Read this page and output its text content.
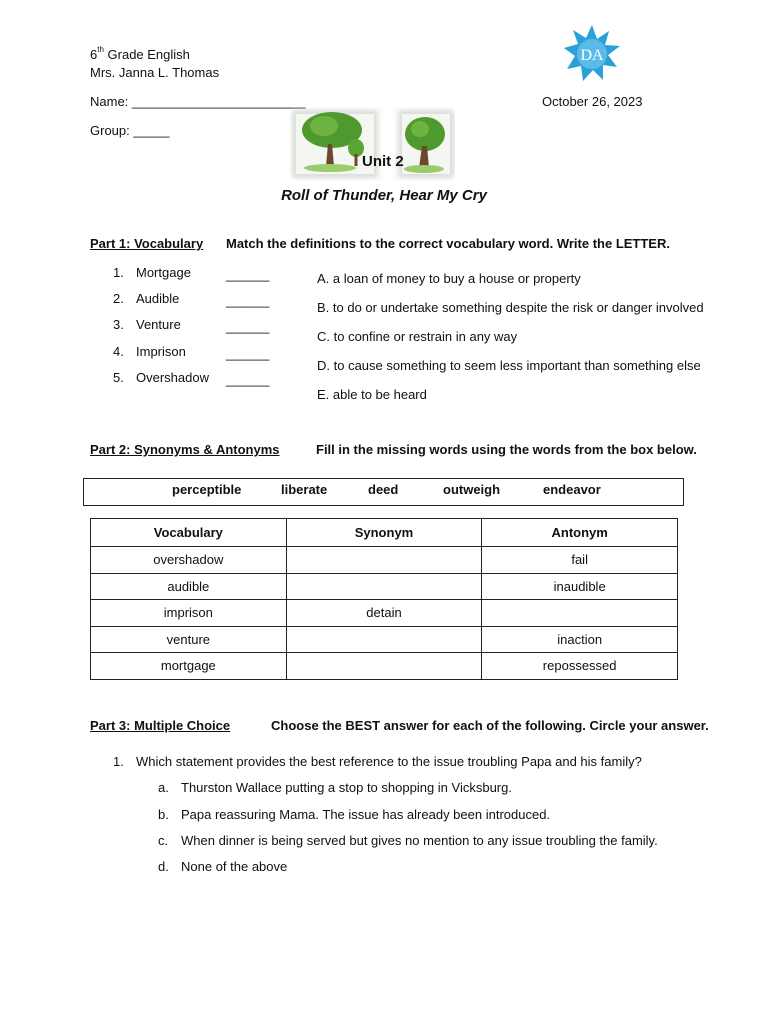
6th Grade English
Mrs. Janna L. Thomas
Name: ________________________	October 26, 2023
Group: _____
DA
Unit 2
Roll of Thunder, Hear My Cry
Part 1: Vocabulary Match the definitions to the correct vocabulary word. Write the LETTER.
1. Mortgage	______
2. Audible	______
3. Venture	______
4. Imprison	______
5. Overshadow ______
A. a loan of money to buy a house or property
B. to do or undertake something despite the risk or danger involved
C. to confine or restrain in any way
D. to cause something to seem less important than something else
E. able to be heard
Part 2: Synonyms & Antonyms	Fill in the missing words using the words from the box below.
perceptible	liberate	deed	outweigh	endeavor
Vocabulary	Synonym	Antonym
overshadow		fail
audible		inaudible
imprison	detain	
venture		inaction
mortgage		repossessed
Part 3: Multiple Choice	Choose the BEST answer for each of the following. Circle your answer.
1. Which statement provides the best reference to the issue troubling Papa and his family?
a. Thurston Wallace putting a stop to shopping in Vicksburg.
b. Papa reassuring Mama. The issue has already been introduced.
c. When dinner is being served but gives no mention to any issue troubling the family.
d. None of the above
